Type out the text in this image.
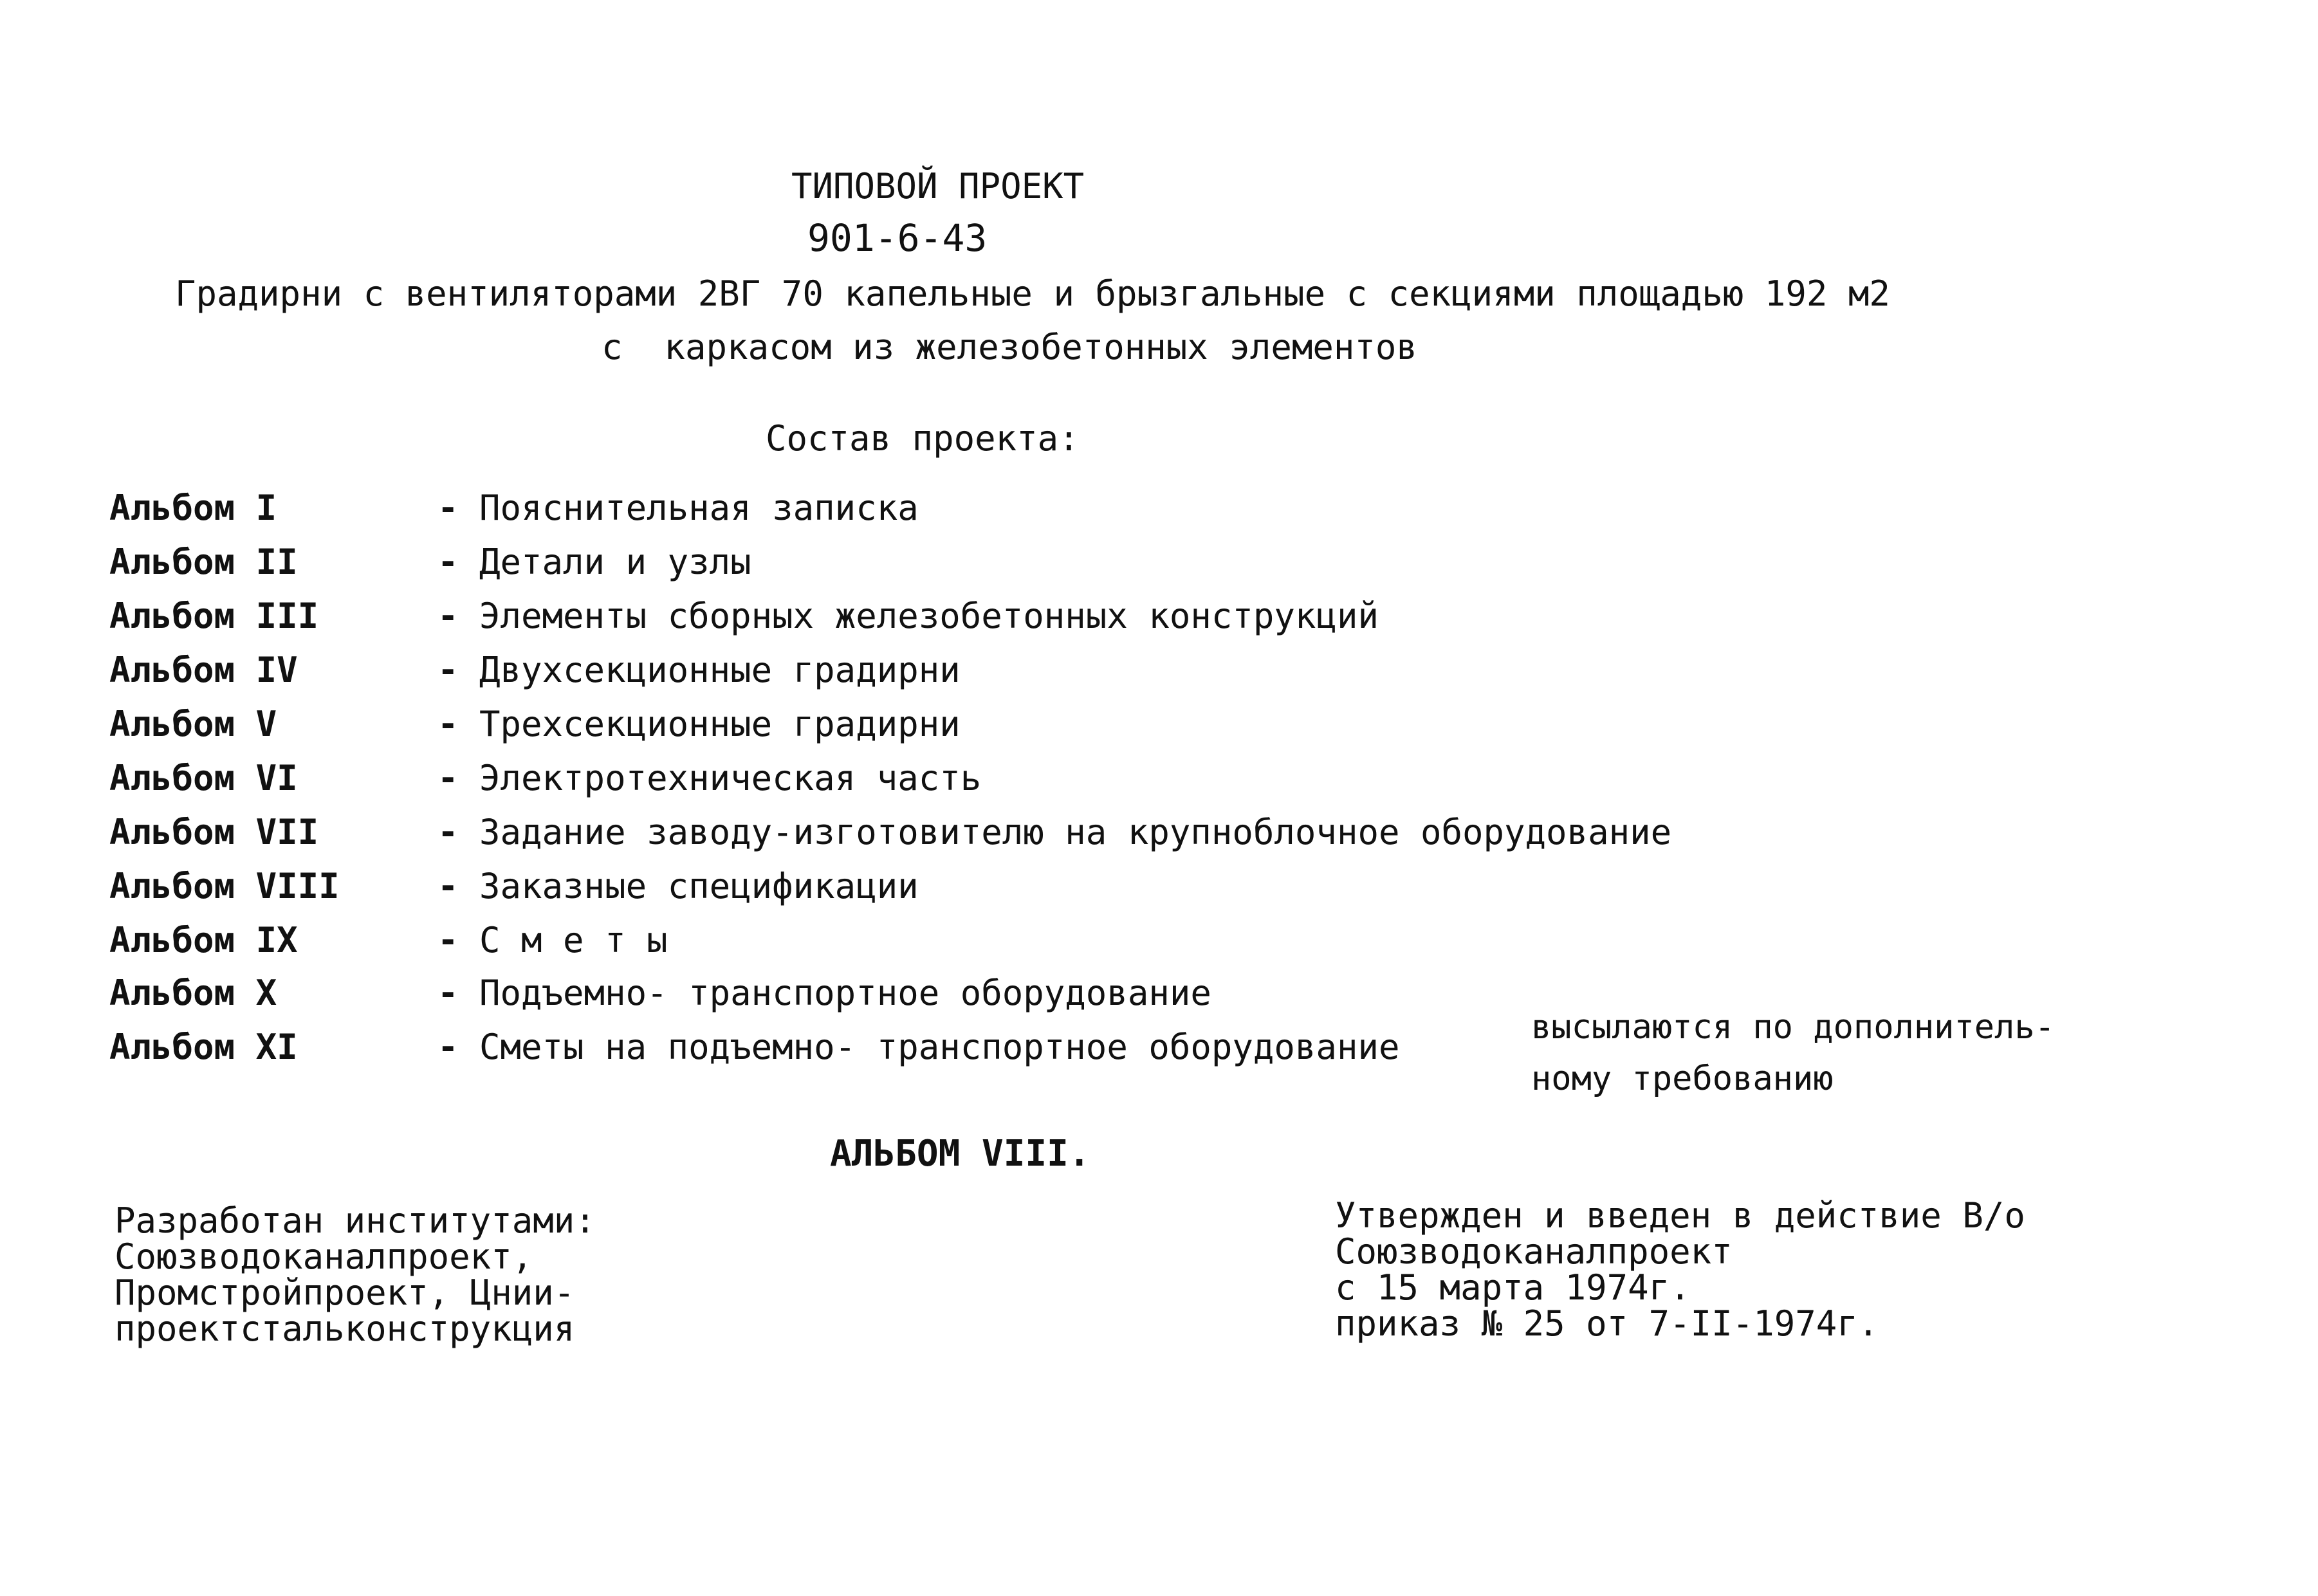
ТИПОВОЙ ПРОЕКТ
901-6-43
Градирни с вентиляторами 2ВГ 70 капельные и брызгальные с секциями площадью 192 м2
с  каркасом из железобетонных элементов
Состав проекта:
Альбом I	- Пояснительная записка
Альбом II	- Детали и узлы
Альбом III	- Элементы сборных железобетонных конструкций
Альбом IV	- Двухсекционные градирни
Альбом V	- Трехсекционные градирни
Альбом VI	- Электротехническая часть
Альбом VII	- Задание заводу-изготовителю на крупноблочное оборудование
Альбом VIII	- Заказные спецификации
Альбом IX	- С м е т ы
Альбом X	- Подъемно- транспортное оборудование
Альбом XI	- Сметы на подъемно- транспортное оборудование	высылаются по дополнитель-
ному требованию
АЛЬБОМ VIII.
Разработан институтами:
Союзводоканалпроект,
Промстройпроект, Цнии-
проектстальконструкция
Утвержден и введен в действие В/о
Союзводоканалпроект
с 15 марта 1974г.
приказ № 25 от 7-II-1974г.
